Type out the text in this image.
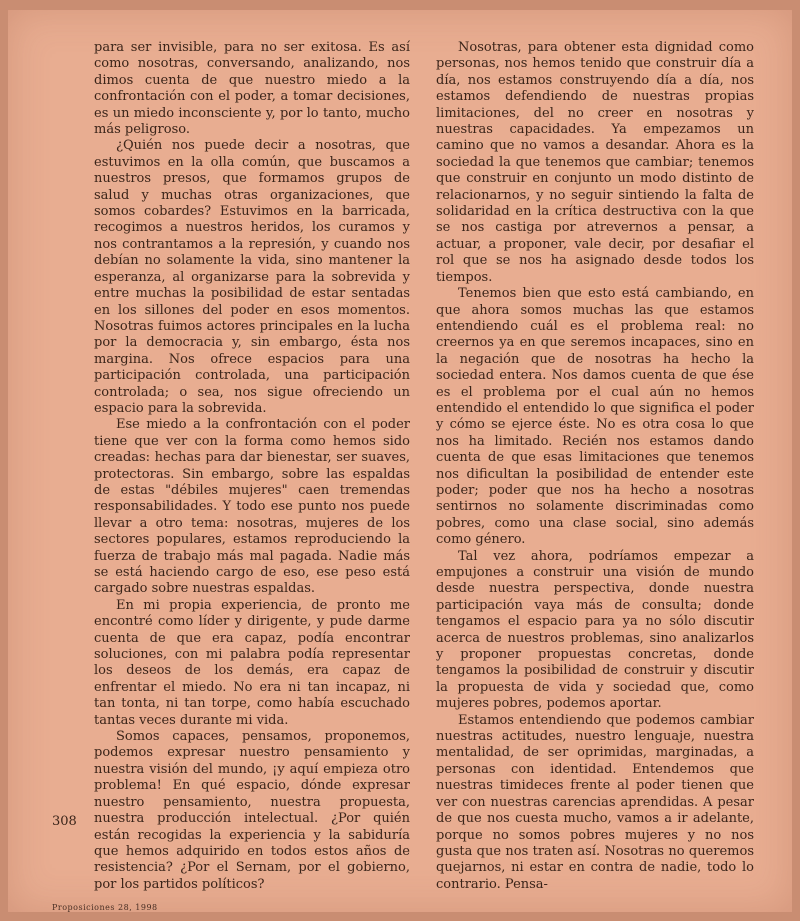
para ser invisible, para no ser exitosa. Es así como nosotras, conversando, analizando, nos dimos cuenta de que nuestro miedo a la confrontación con el poder, a tomar decisiones, es un miedo inconsciente y, por lo tanto, mucho más peligroso.

¿Quién nos puede decir a nosotras, que estuvimos en la olla común, que buscamos a nuestros presos, que formamos grupos de salud y muchas otras organizaciones, que somos cobardes? Estuvimos en la barricada, recogimos a nuestros heridos, los curamos y nos contrantamos a la represión, y cuando nos debían no solamente la vida, sino mantener la esperanza, al organizarse para la sobrevida y entre muchas la posibilidad de estar sentadas en los sillones del poder en esos momentos. Nosotras fuimos actores principales en la lucha por la democracia y, sin embargo, ésta nos margina. Nos ofrece espacios para una participación controlada, una participación controlada; o sea, nos sigue ofreciendo un espacio para la sobrevida.

Ese miedo a la confrontación con el poder tiene que ver con la forma como hemos sido creadas: hechas para dar bienestar, ser suaves, protectoras. Sin embargo, sobre las espaldas de estas "débiles mujeres" caen tremendas responsabilidades. Y todo ese punto nos puede llevar a otro tema: nosotras, mujeres de los sectores populares, estamos reproduciendo la fuerza de trabajo más mal pagada. Nadie más se está haciendo cargo de eso, ese peso está cargado sobre nuestras espaldas.

En mi propia experiencia, de pronto me encontré como líder y dirigente, y pude darme cuenta de que era capaz, podía encontrar soluciones, con mi palabra podía representar los deseos de los demás, era capaz de enfrentar el miedo. No era ni tan incapaz, ni tan tonta, ni tan torpe, como había escuchado tantas veces durante mi vida.

Somos capaces, pensamos, proponemos, podemos expresar nuestro pensamiento y nuestra visión del mundo, ¡y aquí empieza otro problema! En qué espacio, dónde expresar nuestro pensamiento, nuestra propuesta, nuestra producción intelectual. ¿Por quién están recogidas la experiencia y la sabiduría que hemos adquirido en todos estos años de resistencia? ¿Por el Sernam, por el gobierno, por los partidos políticos?

Nosotras, para obtener esta dignidad como personas, nos hemos tenido que construir día a día, nos estamos construyendo día a día, nos estamos defendiendo de nuestras propias limitaciones, del no creer en nosotras y nuestras capacidades. Ya empezamos un camino que no vamos a desandar. Ahora es la sociedad la que tenemos que cambiar; tenemos que construir en conjunto un modo distinto de relacionarnos, y no seguir sintiendo la falta de solidaridad en la crítica destructiva con la que se nos castiga por atrevernos a pensar, a actuar, a proponer, vale decir, por desafiar el rol que se nos ha asignado desde todos los tiempos.

Tenemos bien que esto está cambiando, en que ahora somos muchas las que estamos entendiendo cuál es el problema real: no creernos ya en que seremos incapaces, sino en la negación que de nosotras ha hecho la sociedad entera. Nos damos cuenta de que ése es el problema por el cual aún no hemos entendido el entendido lo que significa el poder y cómo se ejerce éste. No es otra cosa lo que nos ha limitado. Recién nos estamos dando cuenta de que esas limitaciones que tenemos nos dificultan la posibilidad de entender este poder; poder que nos ha hecho a nosotras sentirnos no solamente discriminadas como pobres, como una clase social, sino además como género.

Tal vez ahora, podríamos empezar a empujones a construir una visión de mundo desde nuestra perspectiva, donde nuestra participación vaya más de consulta; donde tengamos el espacio para ya no sólo discutir acerca de nuestros problemas, sino analizarlos y proponer propuestas concretas, donde tengamos la posibilidad de construir y discutir la propuesta de vida y sociedad que, como mujeres pobres, podemos aportar.

Estamos entendiendo que podemos cambiar nuestras actitudes, nuestro lenguaje, nuestra mentalidad, de ser oprimidas, marginadas, a personas con identidad. Entendemos que nuestras timideces frente al poder tienen que ver con nuestras carencias aprendidas. A pesar de que nos cuesta mucho, vamos a ir adelante, porque no somos pobres mujeres y no nos gusta que nos traten así. Nosotras no queremos quejarnos, ni estar en contra de nadie, todo lo contrario. Pensa-

308
Proposiciones 28, 1998
